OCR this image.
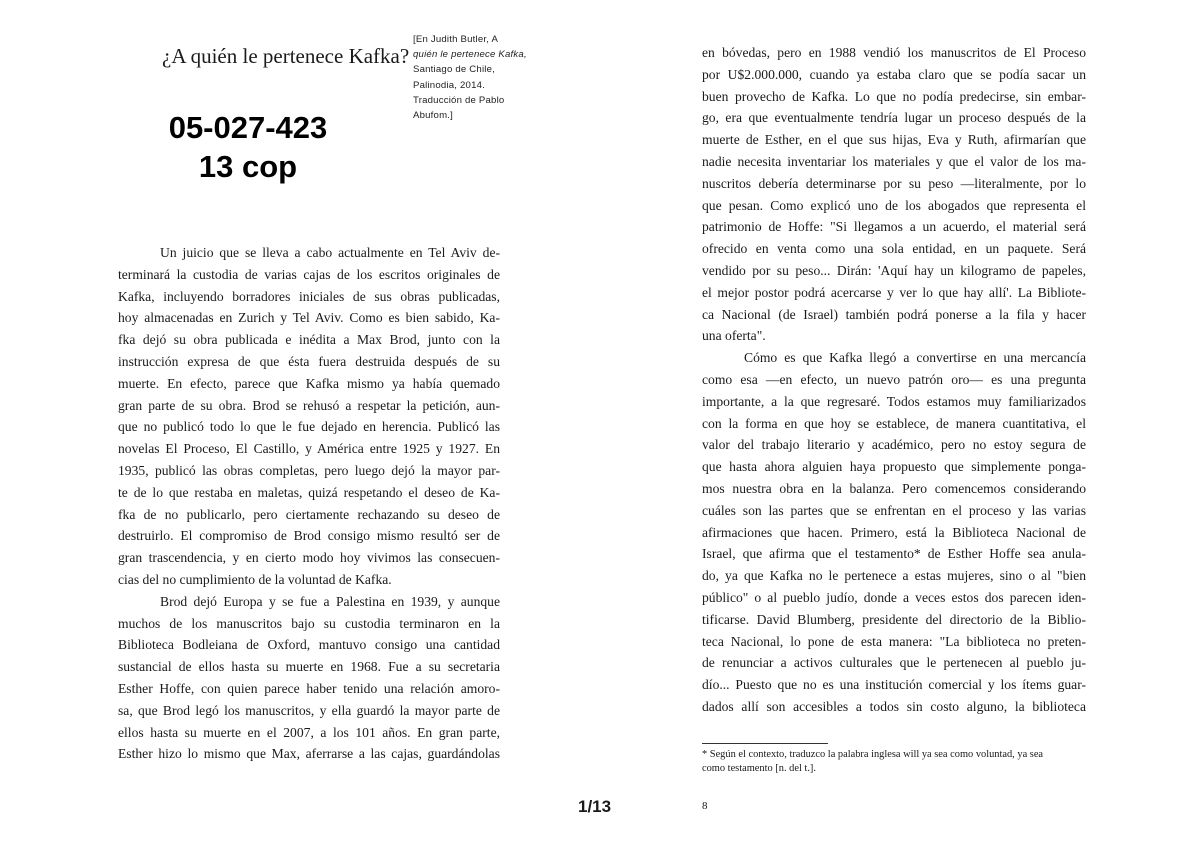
¿A quién le pertenece Kafka?
[En Judith Butler, A
quién le pertenece Kafka,
Santiago de Chile,
Palinodia, 2014.
Traducción de Pablo
Abufom.]
05-027-423
13 cop
Un juicio que se lleva a cabo actualmente en Tel Aviv de-
terminará la custodia de varias cajas de los escritos originales de
Kafka, incluyendo borradores iniciales de sus obras publicadas,
hoy almacenadas en Zurich y Tel Aviv. Como es bien sabido, Ka-
fka dejó su obra publicada e inédita a Max Brod, junto con la
instrucción expresa de que ésta fuera destruida después de su
muerte. En efecto, parece que Kafka mismo ya había quemado
gran parte de su obra. Brod se rehusó a respetar la petición, aun-
que no publicó todo lo que le fue dejado en herencia. Publicó las
novelas El Proceso, El Castillo, y América entre 1925 y 1927. En
1935, publicó las obras completas, pero luego dejó la mayor par-
te de lo que restaba en maletas, quizá respetando el deseo de Ka-
fka de no publicarlo, pero ciertamente rechazando su deseo de
destruirlo. El compromiso de Brod consigo mismo resultó ser de
gran trascendencia, y en cierto modo hoy vivimos las consecuen-
cias del no cumplimiento de la voluntad de Kafka.
Brod dejó Europa y se fue a Palestina en 1939, y aunque
muchos de los manuscritos bajo su custodia terminaron en la
Biblioteca Bodleiana de Oxford, mantuvo consigo una cantidad
sustancial de ellos hasta su muerte en 1968. Fue a su secretaria
Esther Hoffe, con quien parece haber tenido una relación amoro-
sa, que Brod legó los manuscritos, y ella guardó la mayor parte de
ellos hasta su muerte en el 2007, a los 101 años. En gran parte,
Esther hizo lo mismo que Max, aferrarse a las cajas, guardándolas
en bóvedas, pero en 1988 vendió los manuscritos de El Proceso
por U$2.000.000, cuando ya estaba claro que se podía sacar un
buen provecho de Kafka. Lo que no podía predecirse, sin embar-
go, era que eventualmente tendría lugar un proceso después de la
muerte de Esther, en el que sus hijas, Eva y Ruth, afirmarían que
nadie necesita inventariar los materiales y que el valor de los ma-
nuscritos debería determinarse por su peso —literalmente, por lo
que pesan. Como explicó uno de los abogados que representa el
patrimonio de Hoffe: "Si llegamos a un acuerdo, el material será
ofrecido en venta como una sola entidad, en un paquete. Será
vendido por su peso... Dirán: 'Aquí hay un kilogramo de papeles,
el mejor postor podrá acercarse y ver lo que hay allí'. La Bibliote-
ca Nacional (de Israel) también podrá ponerse a la fila y hacer
una oferta".
Cómo es que Kafka llegó a convertirse en una mercancía
como esa —en efecto, un nuevo patrón oro— es una pregunta
importante, a la que regresaré. Todos estamos muy familiarizados
con la forma en que hoy se establece, de manera cuantitativa, el
valor del trabajo literario y académico, pero no estoy segura de
que hasta ahora alguien haya propuesto que simplemente ponga-
mos nuestra obra en la balanza. Pero comencemos considerando
cuáles son las partes que se enfrentan en el proceso y las varias
afirmaciones que hacen. Primero, está la Biblioteca Nacional de
Israel, que afirma que el testamento* de Esther Hoffe sea anula-
do, ya que Kafka no le pertenece a estas mujeres, sino o al "bien
público" o al pueblo judío, donde a veces estos dos parecen iden-
tificarse. David Blumberg, presidente del directorio de la Biblio-
teca Nacional, lo pone de esta manera: "La biblioteca no preten-
de renunciar a activos culturales que le pertenecen al pueblo ju-
dío... Puesto que no es una institución comercial y los ítems guar-
dados allí son accesibles a todos sin costo alguno, la biblioteca
* Según el contexto, traduzco la palabra inglesa will ya sea como voluntad, ya sea
como testamento [n. del t.].
1/13	8
